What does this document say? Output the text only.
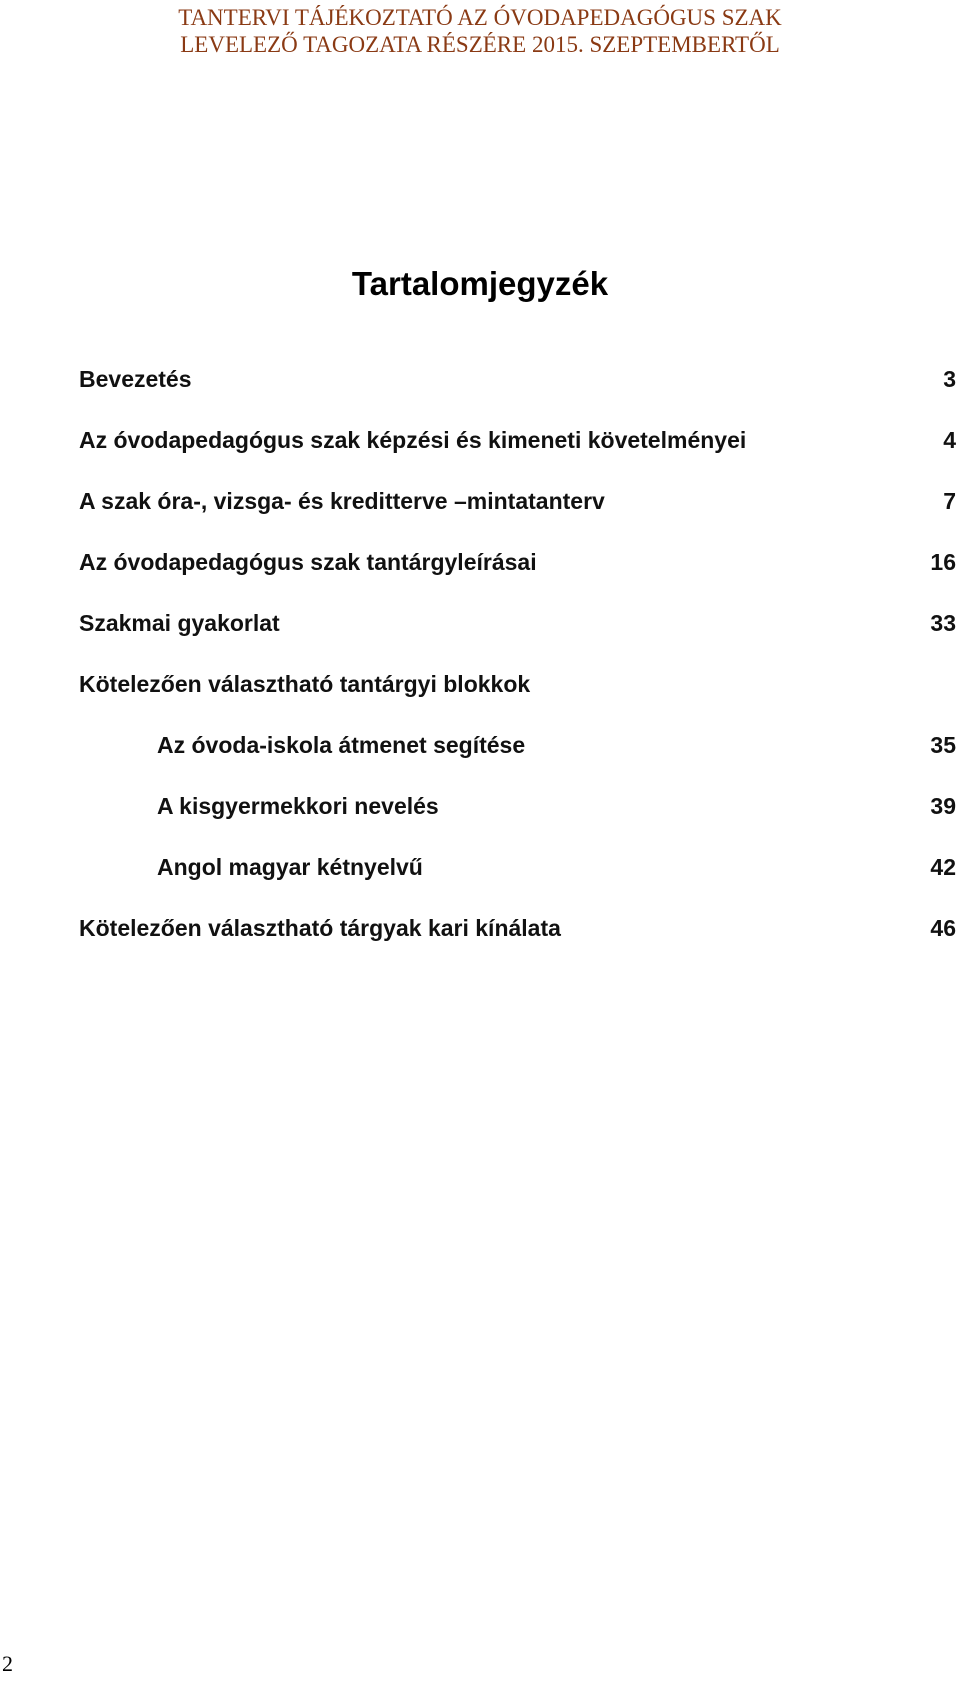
TANTERVI TÁJÉKOZTATÓ AZ ÓVODAPEDAGÓGUS SZAK
LEVELEZŐ TAGOZATA RÉSZÉRE 2015. SZEPTEMBERTŐL
Tartalomjegyzék
Bevezetés	3
Az óvodapedagógus szak képzési és kimeneti követelményei	4
A szak óra-, vizsga- és kreditterve –mintatanterv	7
Az óvodapedagógus szak tantárgyleírásai	16
Szakmai gyakorlat	33
Kötelezően választható tantárgyi blokkok
Az óvoda-iskola átmenet segítése	35
A kisgyermekkori nevelés	39
Angol magyar kétnyelvű	42
Kötelezően választható tárgyak kari kínálata	46
2
